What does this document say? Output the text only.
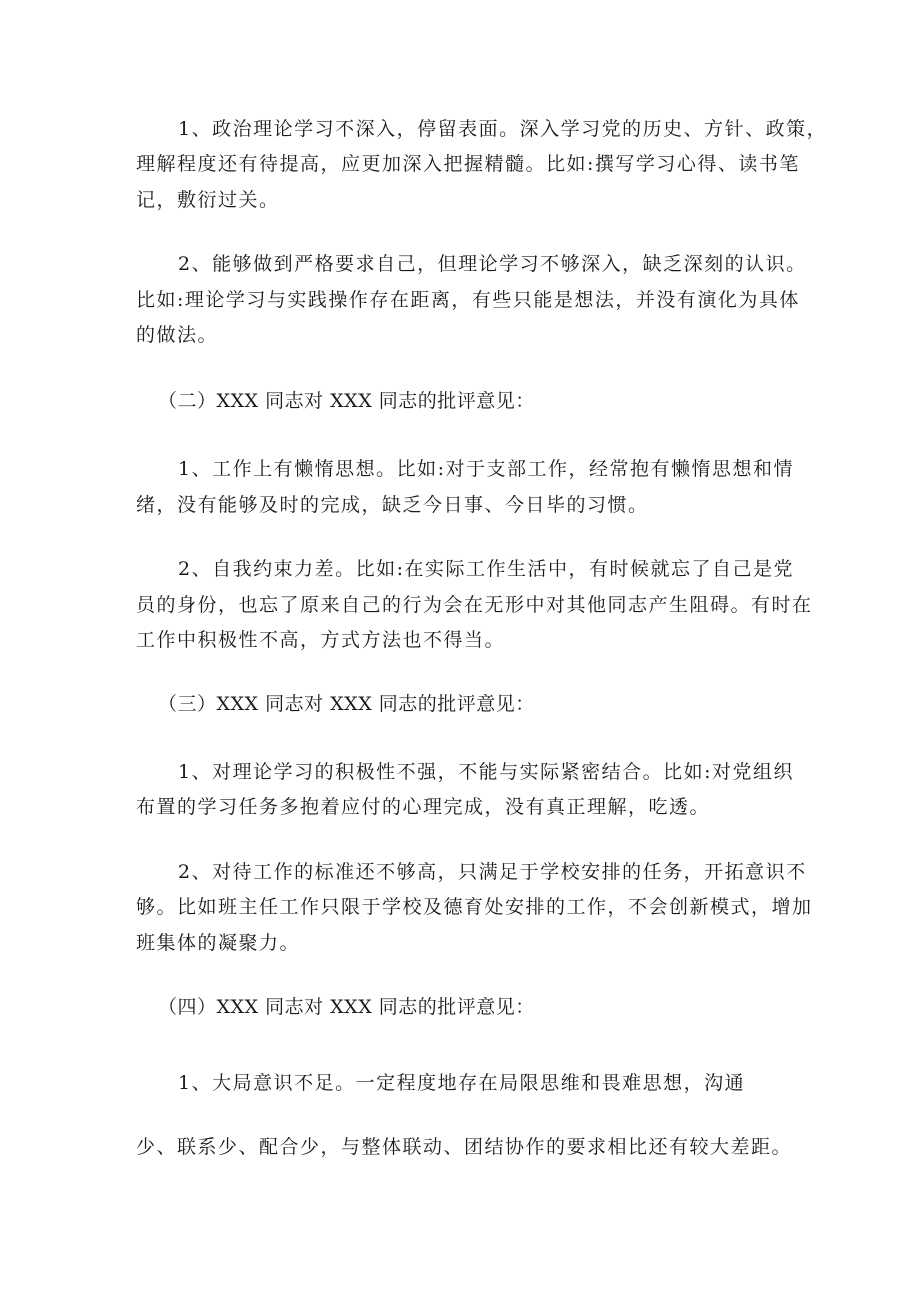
1、政治理论学习不深入，停留表面。深入学习党的历史、方针、政策，
理解程度还有待提高，应更加深入把握精髓。比如:撰写学习心得、读书笔
记，敷衍过关。
2、能够做到严格要求自己，但理论学习不够深入，缺乏深刻的认识。
比如:理论学习与实践操作存在距离，有些只能是想法，并没有演化为具体
的做法。
（二）XXX 同志对 XXX 同志的批评意见：
1、工作上有懒惰思想。比如:对于支部工作，经常抱有懒惰思想和情
绪，没有能够及时的完成，缺乏今日事、今日毕的习惯。
2、自我约束力差。比如:在实际工作生活中，有时候就忘了自己是党
员的身份，也忘了原来自己的行为会在无形中对其他同志产生阻碍。有时在
工作中积极性不高，方式方法也不得当。
（三）XXX 同志对 XXX 同志的批评意见：
1、对理论学习的积极性不强，不能与实际紧密结合。比如:对党组织
布置的学习任务多抱着应付的心理完成，没有真正理解，吃透。
2、对待工作的标准还不够高，只满足于学校安排的任务，开拓意识不
够。比如班主任工作只限于学校及德育处安排的工作，不会创新模式，增加
班集体的凝聚力。
（四）XXX 同志对 XXX 同志的批评意见：
1、大局意识不足。一定程度地存在局限思维和畏难思想，沟通
少、联系少、配合少，与整体联动、团结协作的要求相比还有较大差距。
